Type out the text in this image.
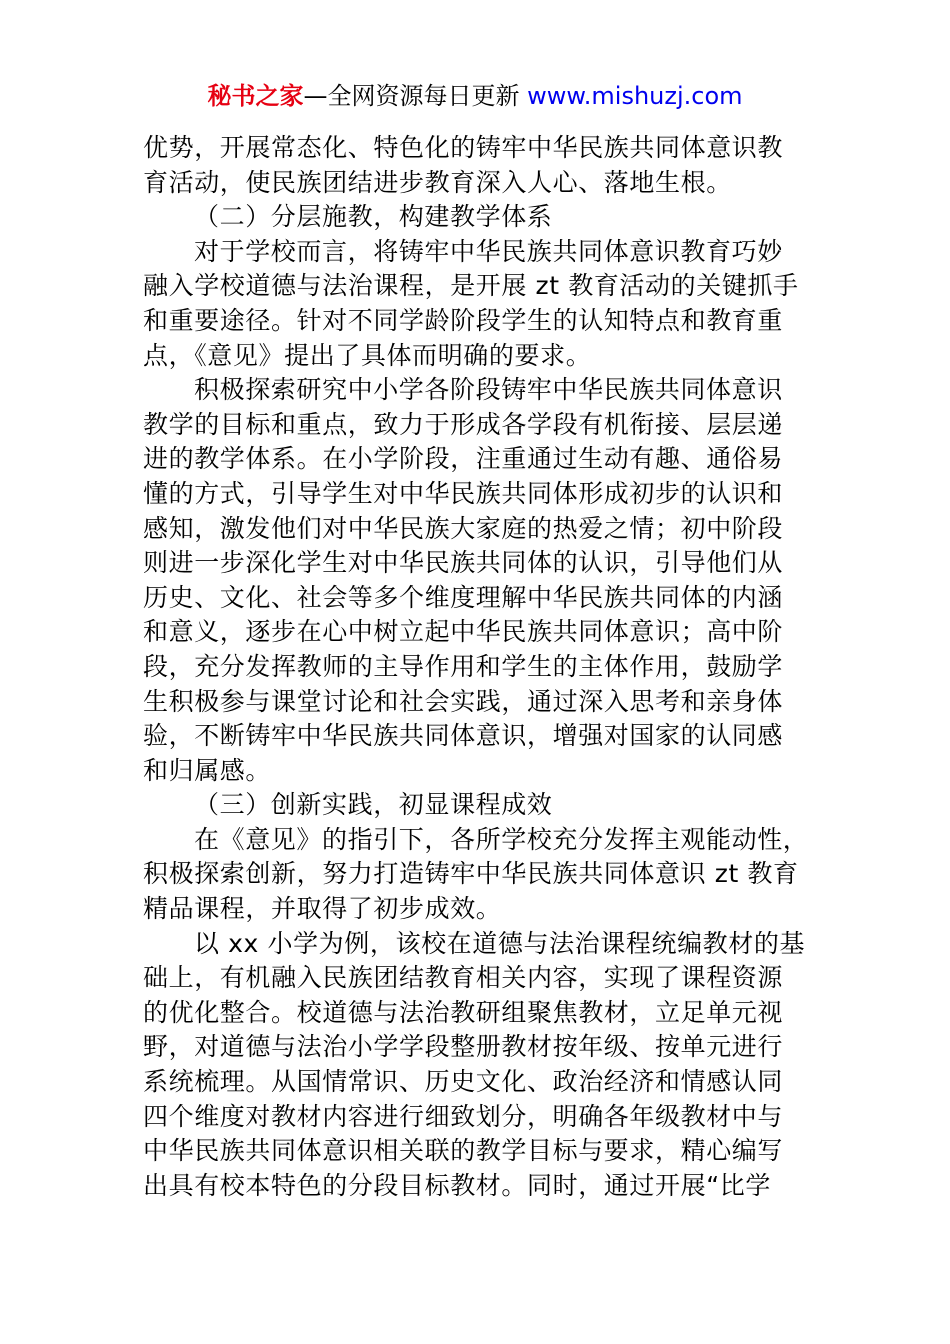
秘书之家—全网资源每日更新 www.mishuzj.com
优势，开展常态化、特色化的铸牢中华民族共同体意识教
育活动，使民族团结进步教育深入人心、落地生根。
（二）分层施教，构建教学体系
对于学校而言，将铸牢中华民族共同体意识教育巧妙
融入学校道德与法治课程，是开展 zt 教育活动的关键抓手
和重要途径。针对不同学龄阶段学生的认知特点和教育重
点，《意见》提出了具体而明确的要求。
积极探索研究中小学各阶段铸牢中华民族共同体意识
教学的目标和重点，致力于形成各学段有机衔接、层层递
进的教学体系。在小学阶段，注重通过生动有趣、通俗易
懂的方式，引导学生对中华民族共同体形成初步的认识和
感知，激发他们对中华民族大家庭的热爱之情；初中阶段
则进一步深化学生对中华民族共同体的认识，引导他们从
历史、文化、社会等多个维度理解中华民族共同体的内涵
和意义，逐步在心中树立起中华民族共同体意识；高中阶
段，充分发挥教师的主导作用和学生的主体作用，鼓励学
生积极参与课堂讨论和社会实践，通过深入思考和亲身体
验，不断铸牢中华民族共同体意识，增强对国家的认同感
和归属感。
（三）创新实践，初显课程成效
在《意见》的指引下，各所学校充分发挥主观能动性，
积极探索创新，努力打造铸牢中华民族共同体意识 zt 教育
精品课程，并取得了初步成效。
以 xx 小学为例，该校在道德与法治课程统编教材的基
础上，有机融入民族团结教育相关内容，实现了课程资源
的优化整合。校道德与法治教研组聚焦教材，立足单元视
野，对道德与法治小学学段整册教材按年级、按单元进行
系统梳理。从国情常识、历史文化、政治经济和情感认同
四个维度对教材内容进行细致划分，明确各年级教材中与
中华民族共同体意识相关联的教学目标与要求，精心编写
出具有校本特色的分段目标教材。同时，通过开展“比学
